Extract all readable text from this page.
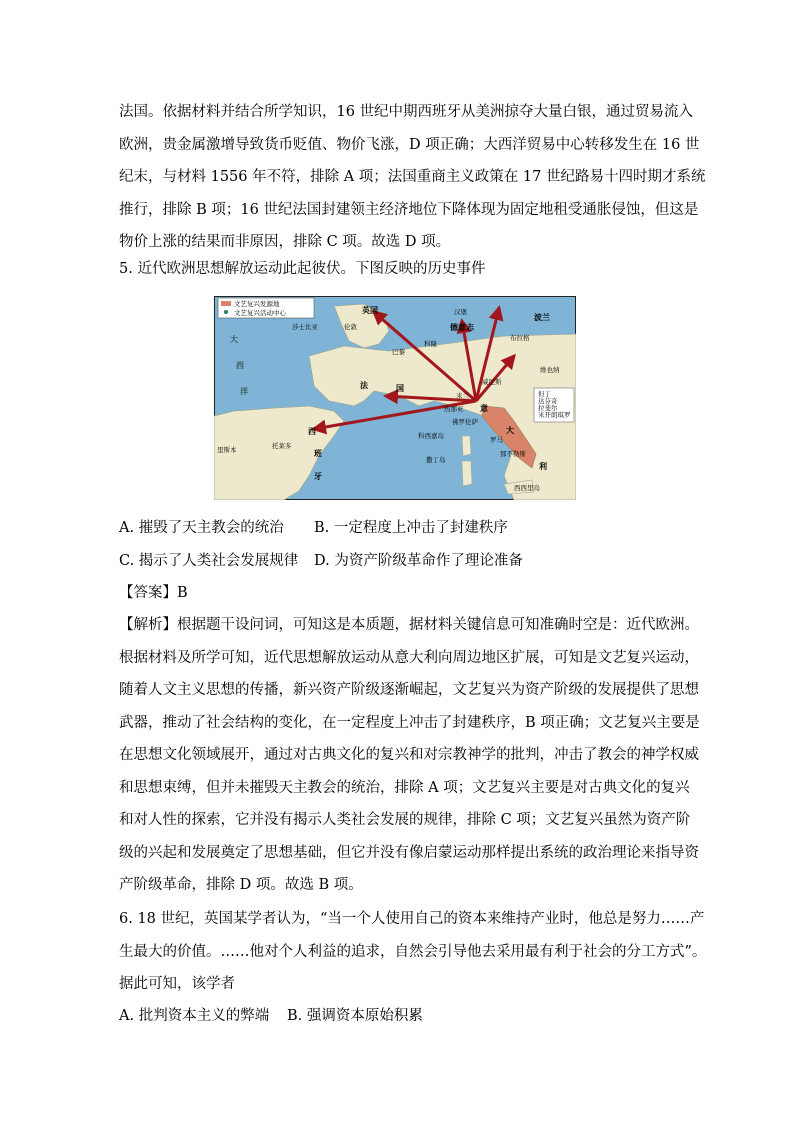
法国。依据材料并结合所学知识，16 世纪中期西班牙从美洲掠夺大量白银，通过贸易流入
欧洲，贵金属激增导致货币贬值、物价飞涨，D 项正确；大西洋贸易中心转移发生在 16 世
纪末，与材料 1556 年不符，排除 A 项；法国重商主义政策在 17 世纪路易十四时期才系统
推行，排除 B 项；16 世纪法国封建领主经济地位下降体现为固定地租受通胀侵蚀，但这是
物价上涨的结果而非原因，排除 C 项。故选 D 项。
5. 近代欧洲思想解放运动此起彼伏。下图反映的历史事件
文艺复兴发源地
文艺复兴活动中心	英国
莎士比亚	伦敦
汉堡
德意志
波兰
巴黎
科隆
布拉格
维也纳
法	国
威尼斯
米兰
热那亚 意
佛罗伦萨
大
利
罗马
那不勒斯
科西嘉岛
撒丁岛
西西里岛
西
班
牙
托莱多
里斯本
大
西
洋	但丁
达芬奇
拉斐尔
米开朗琪罗
A. 摧毁了天主教会的统治 B. 一定程度上冲击了封建秩序
C. 揭示了人类社会发展规律 D. 为资产阶级革命作了理论准备
【答案】B
【解析】根据题干设问词，可知这是本质题，据材料关键信息可知准确时空是：近代欧洲。
根据材料及所学可知，近代思想解放运动从意大利向周边地区扩展，可知是文艺复兴运动，
随着人文主义思想的传播，新兴资产阶级逐渐崛起，文艺复兴为资产阶级的发展提供了思想
武器，推动了社会结构的变化，在一定程度上冲击了封建秩序，B 项正确；文艺复兴主要是
在思想文化领域展开，通过对古典文化的复兴和对宗教神学的批判，冲击了教会的神学权威
和思想束缚，但并未摧毁天主教会的统治，排除 A 项；文艺复兴主要是对古典文化的复兴
和对人性的探索，它并没有揭示人类社会发展的规律，排除 C 项；文艺复兴虽然为资产阶
级的兴起和发展奠定了思想基础，但它并没有像启蒙运动那样提出系统的政治理论来指导资
产阶级革命，排除 D 项。故选 B 项。
6. 18 世纪，英国某学者认为，“当一个人使用自己的资本来维持产业时，他总是努力……产
生最大的价值。……他对个人利益的追求，自然会引导他去采用最有利于社会的分工方式”。
据此可知，该学者
A. 批判资本主义的弊端 B. 强调资本原始积累
